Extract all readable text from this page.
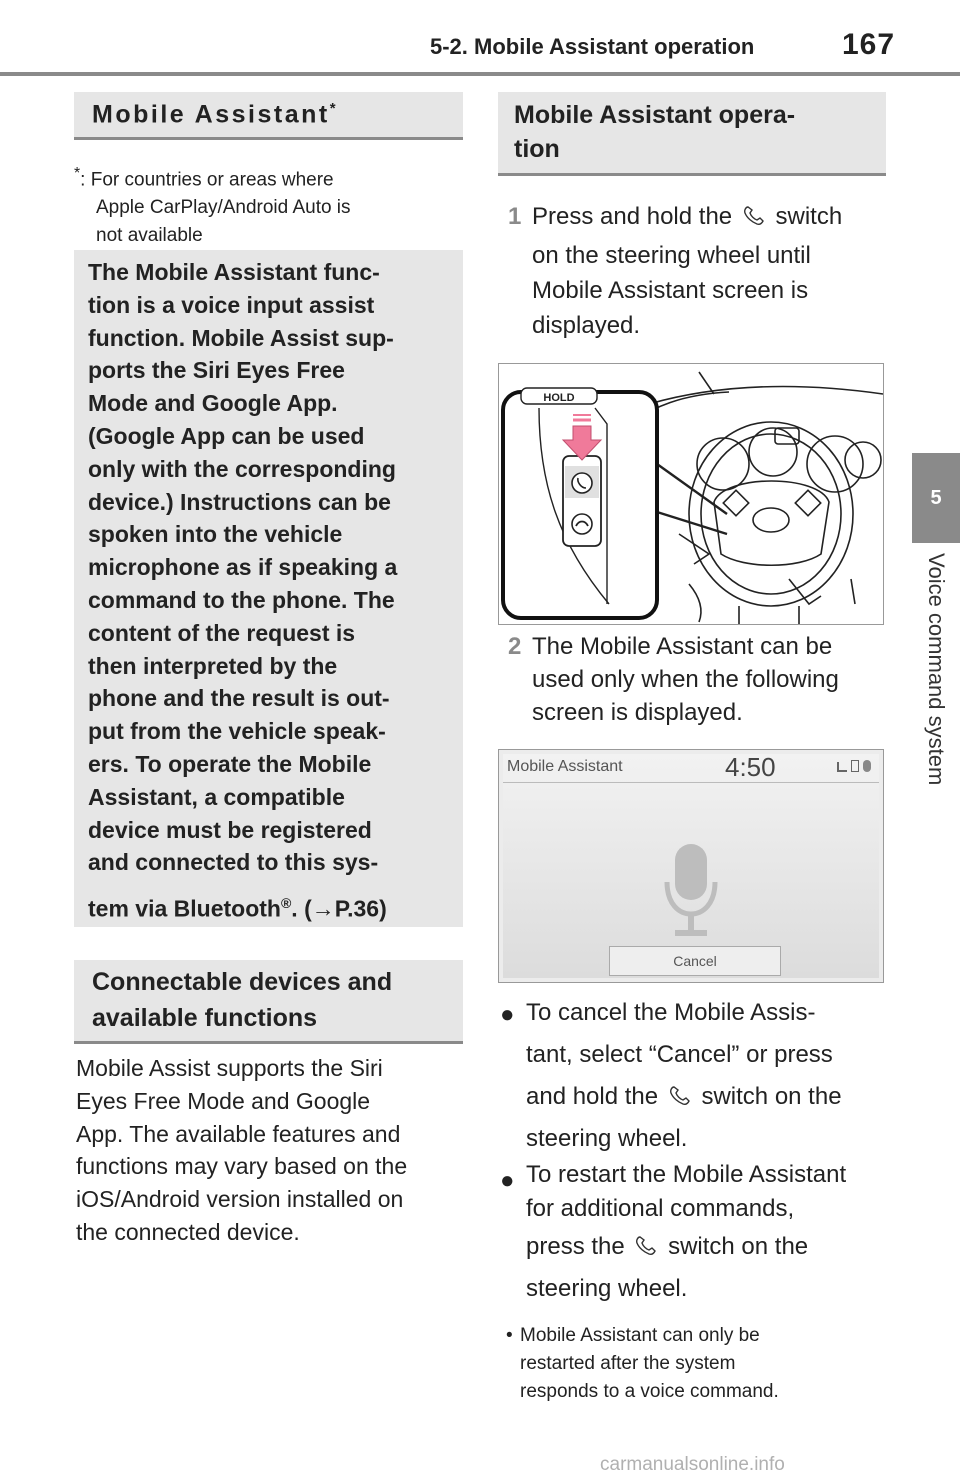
5-2. Mobile Assistant operation	167
5
Voice command system
Mobile Assistant*
*: For countries or areas where
Apple CarPlay/Android Auto is
not available
The Mobile Assistant func-
tion is a voice input assist
function. Mobile Assist sup-
ports the Siri Eyes Free
Mode and Google App.
(Google App can be used
only with the corresponding
device.) Instructions can be
spoken into the vehicle
microphone as if speaking a
command to the phone. The
content of the request is
then interpreted by the
phone and the result is out-
put from the vehicle speak-
ers. To operate the Mobile
Assistant, a compatible
device must be registered
and connected to this sys-
tem via Bluetooth®. (→P.36)
Connectable devices and
available functions
Mobile Assist supports the Siri
Eyes Free Mode and Google
App. The available features and
functions may vary based on the
iOS/Android version installed on
the connected device.
Mobile Assistant opera-
tion
1 Press and hold the switch
on the steering wheel until
Mobile Assistant screen is
displayed.
HOLD
2 The Mobile Assistant can be
used only when the following
screen is displayed.
Mobile Assistant	4:50
Cancel
● To cancel the Mobile Assis-
tant, select “Cancel” or press
and hold the switch on the
steering wheel.
● To restart the Mobile Assistant
for additional commands,
press the switch on the
steering wheel.
• Mobile Assistant can only be
restarted after the system
responds to a voice command.
carmanualsonline.info
